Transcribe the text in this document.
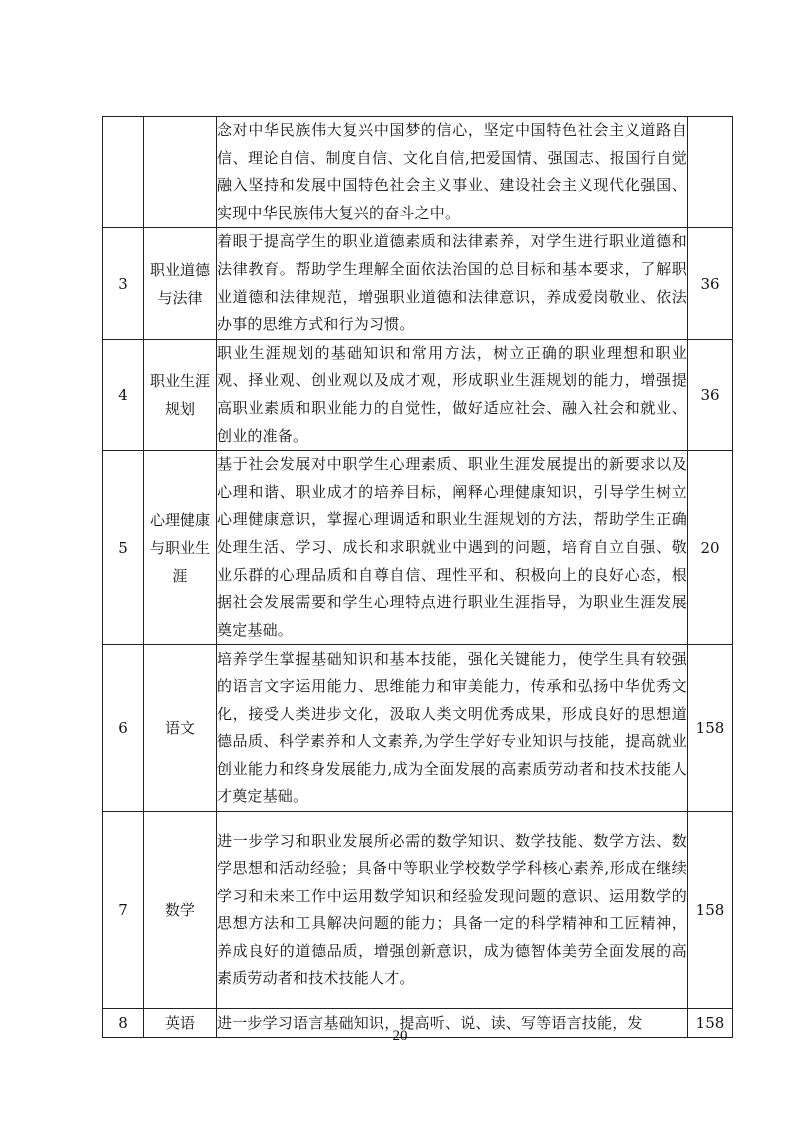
		念对中华民族伟大复兴中国梦的信心，坚定中国特色社会主义道路自信、理论自信、制度自信、文化自信,把爱国情、强国志、报国行自觉融入坚持和发展中国特色社会主义事业、建设社会主义现代化强国、实现中华民族伟大复兴的奋斗之中。	

3	职业道德与法律	着眼于提高学生的职业道德素质和法律素养，对学生进行职业道德和法律教育。帮助学生理解全面依法治国的总目标和基本要求，了解职业道德和法律规范，增强职业道德和法律意识，养成爱岗敬业、依法办事的思维方式和行为习惯。	36
4	职业生涯规划	职业生涯规划的基础知识和常用方法，树立正确的职业理想和职业观、择业观、创业观以及成才观，形成职业生涯规划的能力，增强提高职业素质和职业能力的自觉性，做好适应社会、融入社会和就业、创业的准备。	36
5	心理健康与职业生涯	基于社会发展对中职学生心理素质、职业生涯发展提出的新要求以及心理和谐、职业成才的培养目标，阐释心理健康知识，引导学生树立心理健康意识，掌握心理调适和职业生涯规划的方法，帮助学生正确处理生活、学习、成长和求职就业中遇到的问题，培育自立自强、敬业乐群的心理品质和自尊自信、理性平和、积极向上的良好心态，根据社会发展需要和学生心理特点进行职业生涯指导，为职业生涯发展奠定基础。	20
6	语文	培养学生掌握基础知识和基本技能，强化关键能力，使学生具有较强的语言文字运用能力、思维能力和审美能力，传承和弘扬中华优秀文化，接受人类进步文化，汲取人类文明优秀成果，形成良好的思想道德品质、科学素养和人文素养,为学生学好专业知识与技能，提高就业创业能力和终身发展能力,成为全面发展的高素质劳动者和技术技能人才奠定基础。	158
7	数学	进一步学习和职业发展所必需的数学知识、数学技能、数学方法、数学思想和活动经验；具备中等职业学校数学学科核心素养,形成在继续学习和未来工作中运用数学知识和经验发现问题的意识、运用数学的思想方法和工具解决问题的能力；具备一定的科学精神和工匠精神，养成良好的道德品质，增强创新意识，成为德智体美劳全面发展的高素质劳动者和技术技能人才。	158
8	英语	进一步学习语言基础知识，提高听、说、读、写等语言技能，发	158
20
